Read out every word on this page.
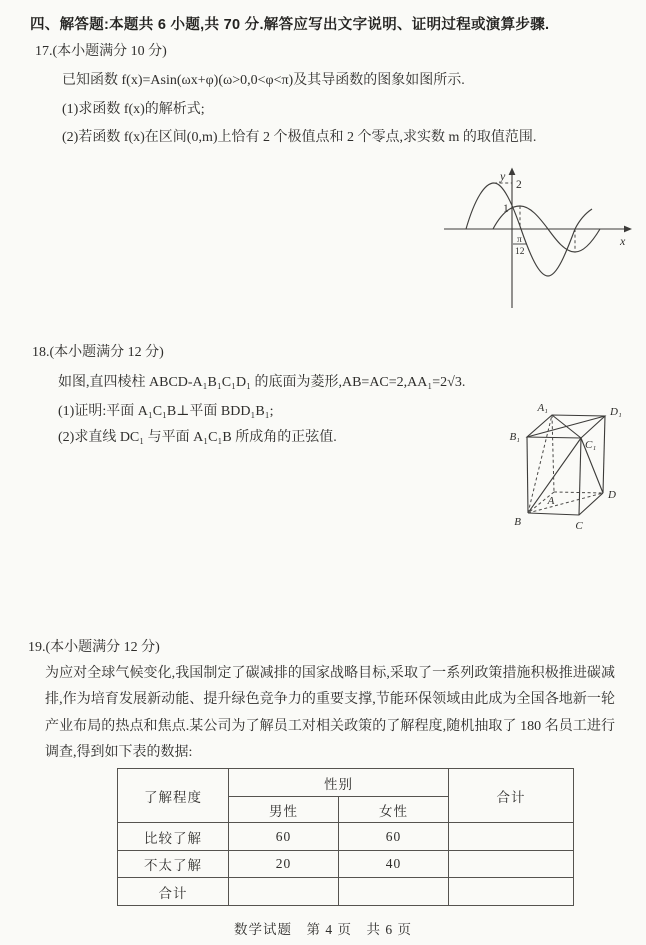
四、解答题:本题共 6 小题,共 70 分.解答应写出文字说明、证明过程或演算步骤.
17.(本小题满分 10 分)
已知函数 f(x)=Asin(ωx+φ)(ω>0,0<φ<π)及其导函数的图象如图所示.
(1)求函数 f(x)的解析式;
(2)若函数 f(x)在区间(0,m)上恰有 2 个极值点和 2 个零点,求实数 m 的取值范围.
y
x
2
1
π
12
18.(本小题满分 12 分)
如图,直四棱柱 ABCD-A₁B₁C₁D₁ 的底面为菱形,AB=AC=2,AA₁=2√3.
(1)证明:平面 A₁C₁B⊥平面 BDD₁B₁;
(2)求直线 DC₁ 与平面 A₁C₁B 所成角的正弦值.
A₁	D₁
B₁
C₁
A	D
B	C
19.(本小题满分 12 分)
为应对全球气候变化,我国制定了碳减排的国家战略目标,采取了一系列政策措施积极推进碳减排,作为培育发展新动能、提升绿色竞争力的重要支撑,节能环保领域由此成为全国各地新一轮产业布局的热点和焦点.某公司为了解员工对相关政策的了解程度,随机抽取了 180 名员工进行调查,得到如下表的数据:
了解程度	性别		合计
	男性	女性	
比较了解	60	60	
不太了解	20	40	
合计			
数学试题　第 4 页　共 6 页
